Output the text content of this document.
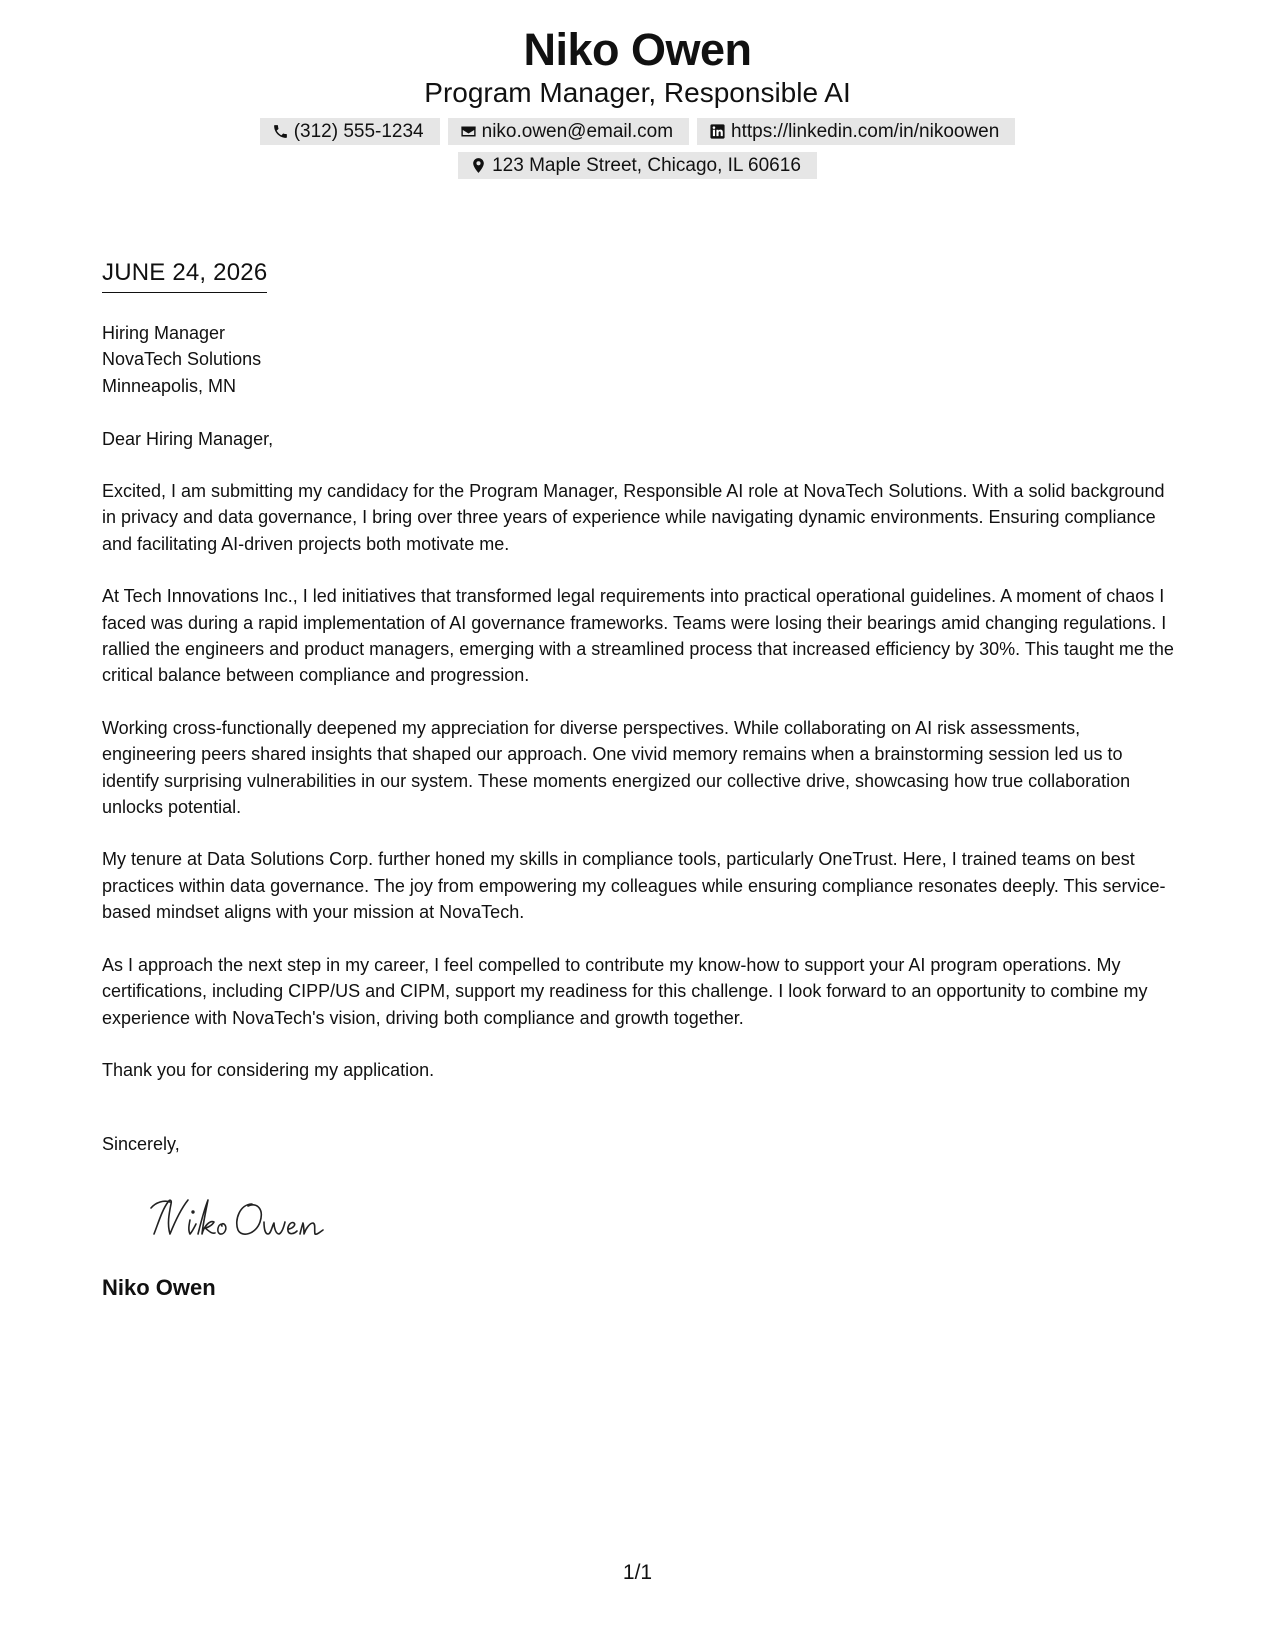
Niko Owen
Program Manager, Responsible AI
(312) 555-1234	niko.owen@email.com	https://linkedin.com/in/nikoowen
123 Maple Street, Chicago, IL 60616
JUNE 24, 2026
Hiring Manager
NovaTech Solutions
Minneapolis, MN
Dear Hiring Manager,

Excited, I am submitting my candidacy for the Program Manager, Responsible AI role at NovaTech Solutions. With a solid background in privacy and data governance, I bring over three years of experience while navigating dynamic environments. Ensuring compliance and facilitating AI-driven projects both motivate me.

At Tech Innovations Inc., I led initiatives that transformed legal requirements into practical operational guidelines. A moment of chaos I faced was during a rapid implementation of AI governance frameworks. Teams were losing their bearings amid changing regulations. I rallied the engineers and product managers, emerging with a streamlined process that increased efficiency by 30%. This taught me the critical balance between compliance and progression.

Working cross-functionally deepened my appreciation for diverse perspectives. While collaborating on AI risk assessments, engineering peers shared insights that shaped our approach. One vivid memory remains when a brainstorming session led us to identify surprising vulnerabilities in our system. These moments energized our collective drive, showcasing how true collaboration unlocks potential.

My tenure at Data Solutions Corp. further honed my skills in compliance tools, particularly OneTrust. Here, I trained teams on best practices within data governance. The joy from empowering my colleagues while ensuring compliance resonates deeply. This service-based mindset aligns with your mission at NovaTech.

As I approach the next step in my career, I feel compelled to contribute my know-how to support your AI program operations. My certifications, including CIPP/US and CIPM, support my readiness for this challenge. I look forward to an opportunity to combine my experience with NovaTech's vision, driving both compliance and growth together.

Thank you for considering my application.

Sincerely,
Niko Owen
1/1
